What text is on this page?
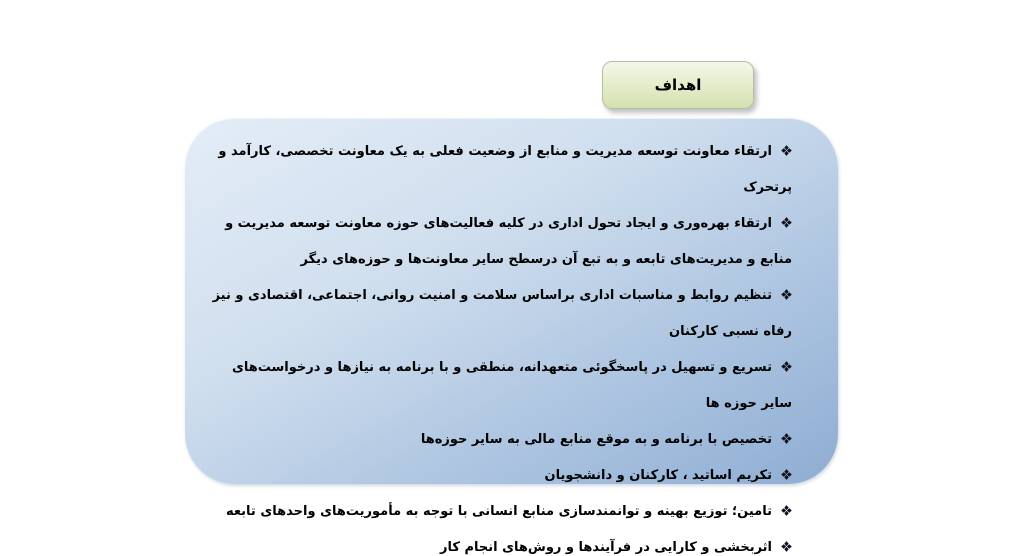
اهداف
ارتقاء معاونت توسعه مدیریت و منابع از وضعیت فعلی به یک معاونت تخصصی، کارآمد و پرتحرک
ارتقاء بهره‌وری و ایجاد تحول اداری در کلیه فعالیت‌های حوزه معاونت توسعه مدیریت و منابع و مدیریت‌های تابعه و به تبع آن درسطح سایر معاونت‌ها و حوزه‌های دیگر
تنظیم روابط و مناسبات اداری براساس سلامت و امنیت روانی، اجتماعی، اقتصادی و نیز رفاه نسبی کارکنان
تسریع و تسهیل در پاسخگوئی متعهدانه، منطقی و با برنامه به نیازها و درخواست‌های سایر حوزه ها
تخصیص با برنامه و به موقع منابع مالی به سایر حوزه‌ها
تکریم اساتید ، کارکنان و دانشجویان
تامین؛ توزیع بهینه و توانمندسازی منابع انسانی با توجه به مأموریت‌های واحدهای تابعه
اثربخشی و کارایی در فرآیندها و روش‌های انجام کار
